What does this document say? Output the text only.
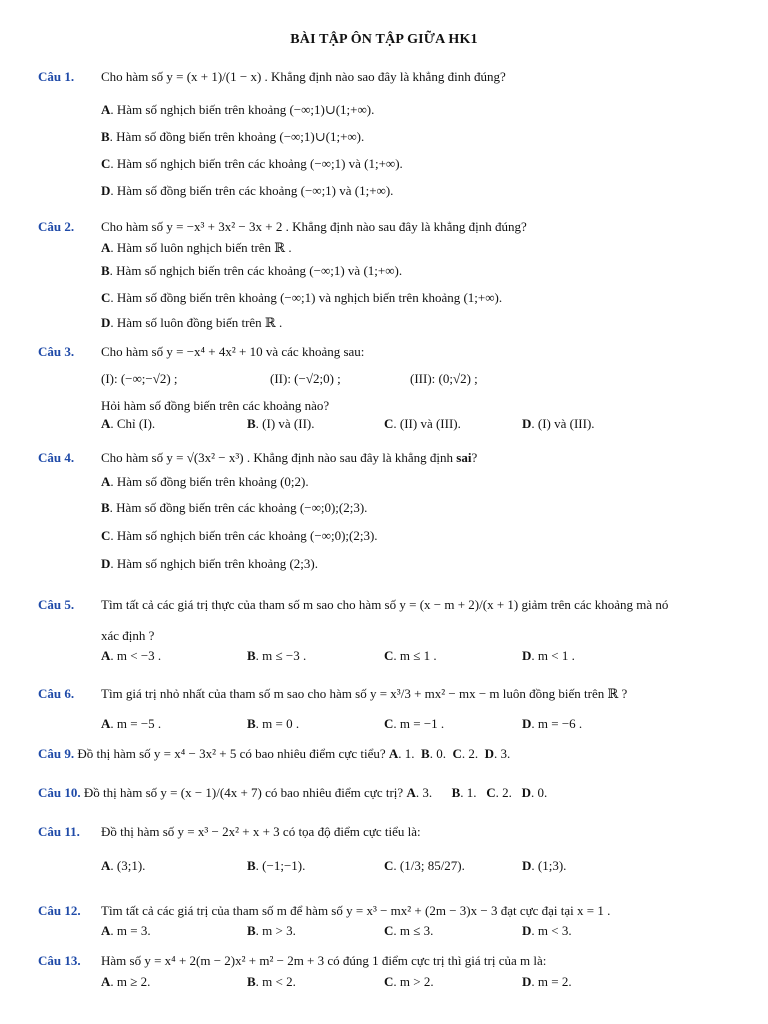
BÀI TẬP ÔN TẬP GIỮA HK1
Câu 1. Cho hàm số y = (x + 1)/(1 − x) . Khẳng định nào sao đây là khẳng đinh đúng?
A. Hàm số nghịch biến trên khoảng (−∞;1)∪(1;+∞).
B. Hàm số đồng biến trên khoảng (−∞;1)∪(1;+∞).
C. Hàm số nghịch biến trên các khoảng (−∞;1) và (1;+∞).
D. Hàm số đồng biến trên các khoảng (−∞;1) và (1;+∞).
Câu 2. Cho hàm số y = −x³ + 3x² − 3x + 2 . Khẳng định nào sau đây là khẳng định đúng?
A. Hàm số luôn nghịch biến trên ℝ .
B. Hàm số nghịch biến trên các khoảng (−∞;1) và (1;+∞).
C. Hàm số đồng biến trên khoảng (−∞;1) và nghịch biến trên khoảng (1;+∞).
D. Hàm số luôn đồng biến trên ℝ .
Câu 3. Cho hàm số y = −x⁴ + 4x² + 10 và các khoảng sau:
(I): (−∞;−√2) ;	(II): (−√2;0) ;	(III): (0;√2) ;
Hỏi hàm số đồng biến trên các khoảng nào?
A. Chỉ (I).	B. (I) và (II).	C. (II) và (III).	D. (I) và (III).
Câu 4. Cho hàm số y = √(3x² − x³) . Khẳng định nào sau đây là khẳng định sai?
A. Hàm số đồng biến trên khoảng (0;2).
B. Hàm số đồng biến trên các khoảng (−∞;0);(2;3).
C. Hàm số nghịch biến trên các khoảng (−∞;0);(2;3).
D. Hàm số nghịch biến trên khoảng (2;3).
Câu 5. Tìm tất cả các giá trị thực của tham số m sao cho hàm số y = (x − m + 2)/(x + 1) giảm trên các khoảng mà nó
xác định ?
A. m < −3 .	B. m ≤ −3 .	C. m ≤ 1 .	D. m < 1 .
Câu 6. Tìm giá trị nhỏ nhất của tham số m sao cho hàm số y = x³/3 + mx² − mx − m luôn đồng biến trên ℝ ?
A. m = −5 .	B. m = 0 .	C. m = −1 .	D. m = −6 .
Câu 9. Đồ thị hàm số y = x⁴ − 3x² + 5 có bao nhiêu điểm cực tiểu? A. 1. B. 0. C. 2. D. 3.
Câu 10. Đồ thị hàm số y = (x − 1)/(4x + 7) có bao nhiêu điểm cực trị? A. 3. B. 1. C. 2. D. 0.
Câu 11. Đồ thị hàm số y = x³ − 2x² + x + 3 có tọa độ điểm cực tiểu là:
A. (3;1).	B. (−1;−1).	C. (1/3; 85/27).	D. (1;3).
Câu 12. Tìm tất cả các giá trị của tham số m để hàm số y = x³ − mx² + (2m − 3)x − 3 đạt cực đại tại x = 1 .
A. m = 3.	B. m > 3.	C. m ≤ 3.	D. m < 3.
Câu 13. Hàm số y = x⁴ + 2(m − 2)x² + m² − 2m + 3 có đúng 1 điểm cực trị thì giá trị của m là:
A. m ≥ 2.	B. m < 2.	C. m > 2.	D. m = 2.
